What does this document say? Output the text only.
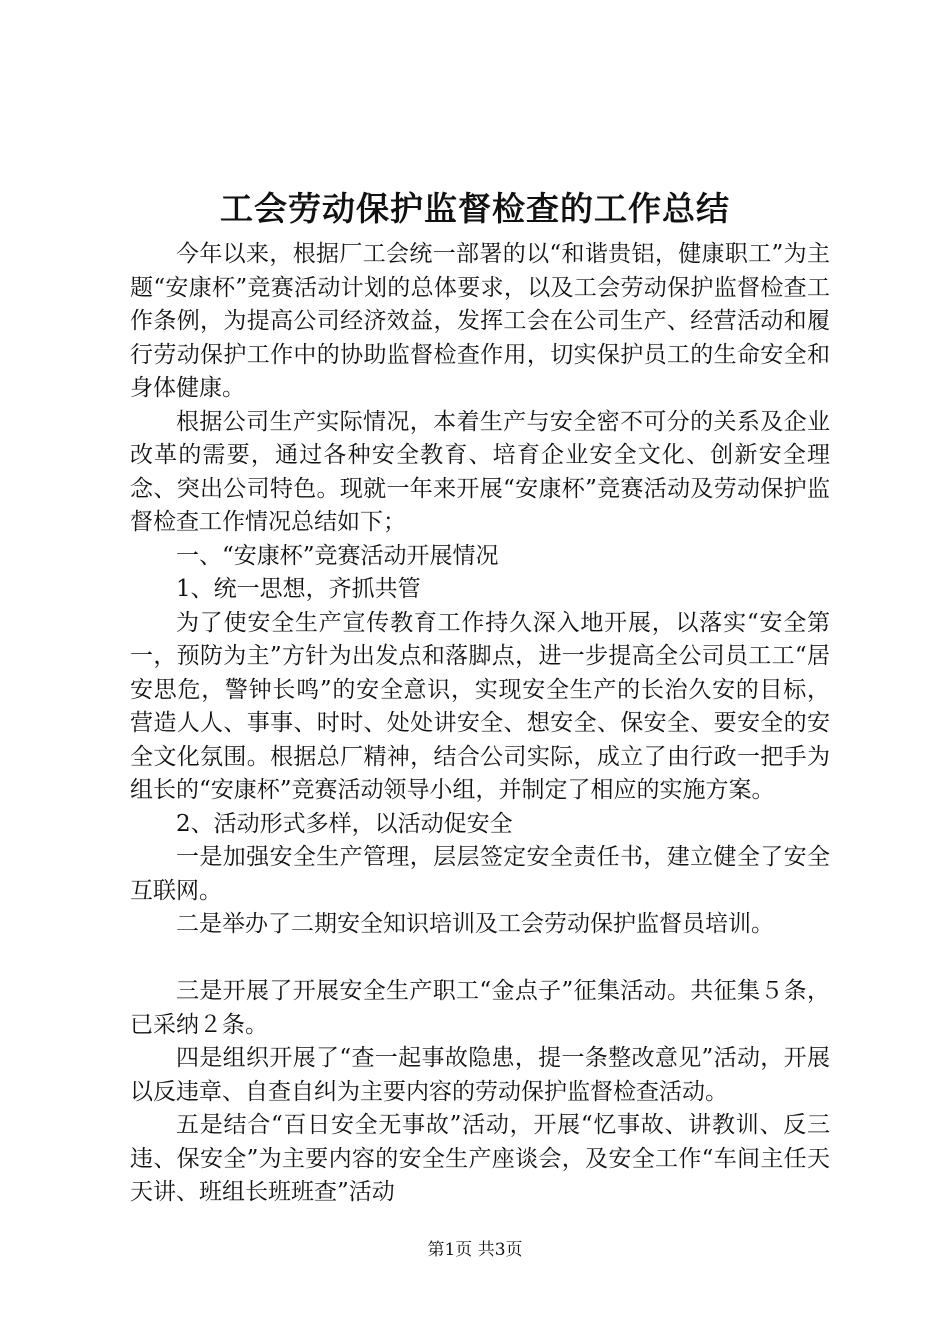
工会劳动保护监督检查的工作总结

今年以来，根据厂工会统一部署的以“和谐贵铝，健康职工”为主题“安康杯”竞赛活动计划的总体要求，以及工会劳动保护监督检查工作条例，为提高公司经济效益，发挥工会在公司生产、经营活动和履行劳动保护工作中的协助监督检查作用，切实保护员工的生命安全和身体健康。

根据公司生产实际情况，本着生产与安全密不可分的关系及企业改革的需要，通过各种安全教育、培育企业安全文化、创新安全理念、突出公司特色。现就一年来开展“安康杯”竞赛活动及劳动保护监督检查工作情况总结如下；

一、“安康杯”竞赛活动开展情况

1、统一思想，齐抓共管

为了使安全生产宣传教育工作持久深入地开展，以落实“安全第一，预防为主”方针为出发点和落脚点，进一步提高全公司员工工“居安思危，警钟长鸣”的安全意识，实现安全生产的长治久安的目标，营造人人、事事、时时、处处讲安全、想安全、保安全、要安全的安全文化氛围。根据总厂精神，结合公司实际，成立了由行政一把手为组长的“安康杯”竞赛活动领导小组，并制定了相应的实施方案。

2、活动形式多样，以活动促安全

一是加强安全生产管理，层层签定安全责任书，建立健全了安全互联网。

二是举办了二期安全知识培训及工会劳动保护监督员培训。

三是开展了开展安全生产职工“金点子”征集活动。共征集５条，已采纳２条。

四是组织开展了“查一起事故隐患，提一条整改意见”活动，开展以反违章、自查自纠为主要内容的劳动保护监督检查活动。

五是结合“百日安全无事故”活动，开展“忆事故、讲教训、反三违、保安全”为主要内容的安全生产座谈会，及安全工作“车间主任天天讲、班组长班班查”活动

第1页 共3页
